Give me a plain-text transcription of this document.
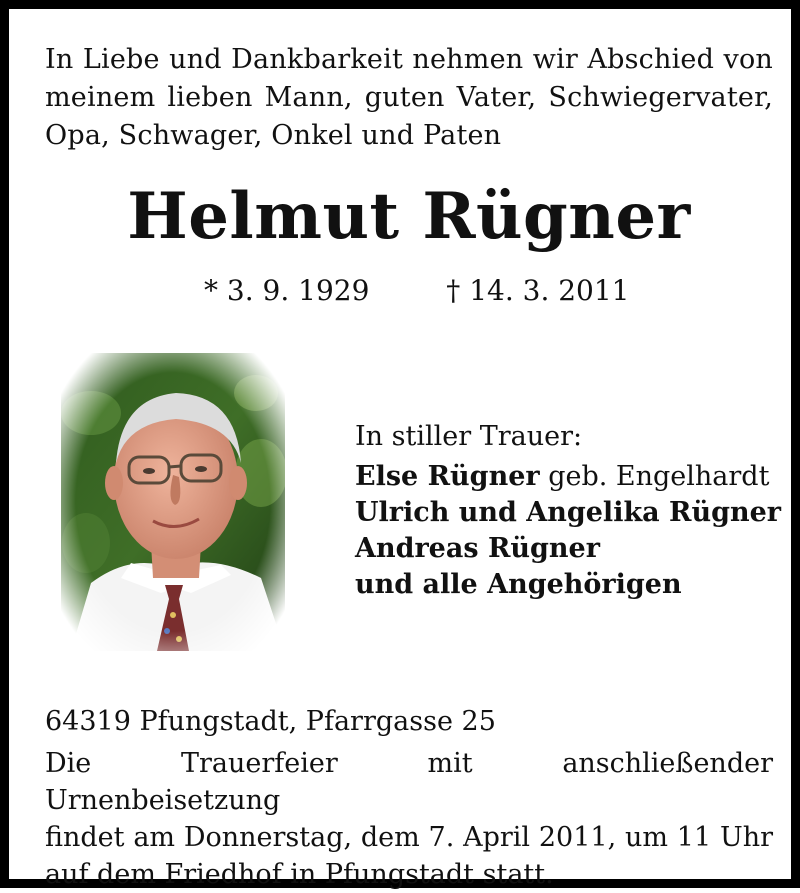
In Liebe und Dankbarkeit nehmen wir Abschied von
meinem lieben Mann, guten Vater, Schwiegervater,
Opa, Schwager, Onkel und Paten
Helmut Rügner
* 3. 9. 1929	† 14. 3. 2011
In stiller Trauer:
Else Rügner geb. Engelhardt
Ulrich und Angelika Rügner
Andreas Rügner
und alle Angehörigen
64319 Pfungstadt, Pfarrgasse 25
Die Trauerfeier mit anschließender Urnenbeisetzung
findet am Donnerstag, dem 7. April 2011, um 11 Uhr
auf dem Friedhof in Pfungstadt statt.
